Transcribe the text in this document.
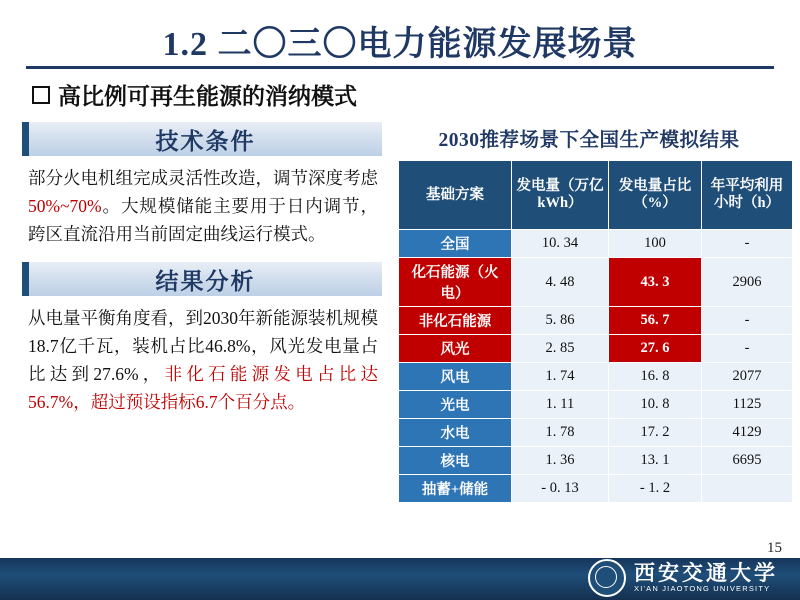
1.2 二〇三〇电力能源发展场景
高比例可再生能源的消纳模式
技术条件
部分火电机组完成灵活性改造，调节深度考虑50%~70%。大规模储能主要用于日内调节，跨区直流沿用当前固定曲线运行模式。
结果分析
从电量平衡角度看，到2030年新能源装机规模18.7亿千瓦，装机占比46.8%，风光发电量占比达到27.6%，非化石能源发电占比达 56.7%，超过预设指标6.7个百分点。
2030推荐场景下全国生产模拟结果
基础方案	发电量（万亿kWh）	发电量占比（%）	年平均利用小时（h）
全国	10. 34	100	-
化石能源（火电）	4. 48	43. 3	2906
非化石能源	5. 86	56. 7	-
风光	2. 85	27. 6	-
风电	1. 74	16. 8	2077
光电	1. 11	10. 8	1125
水电	1. 78	17. 2	4129
核电	1. 36	13. 1	6695
抽蓄+储能	- 0. 13	- 1. 2	
15
西安交通大学
XI'AN JIAOTONG UNIVERSITY
